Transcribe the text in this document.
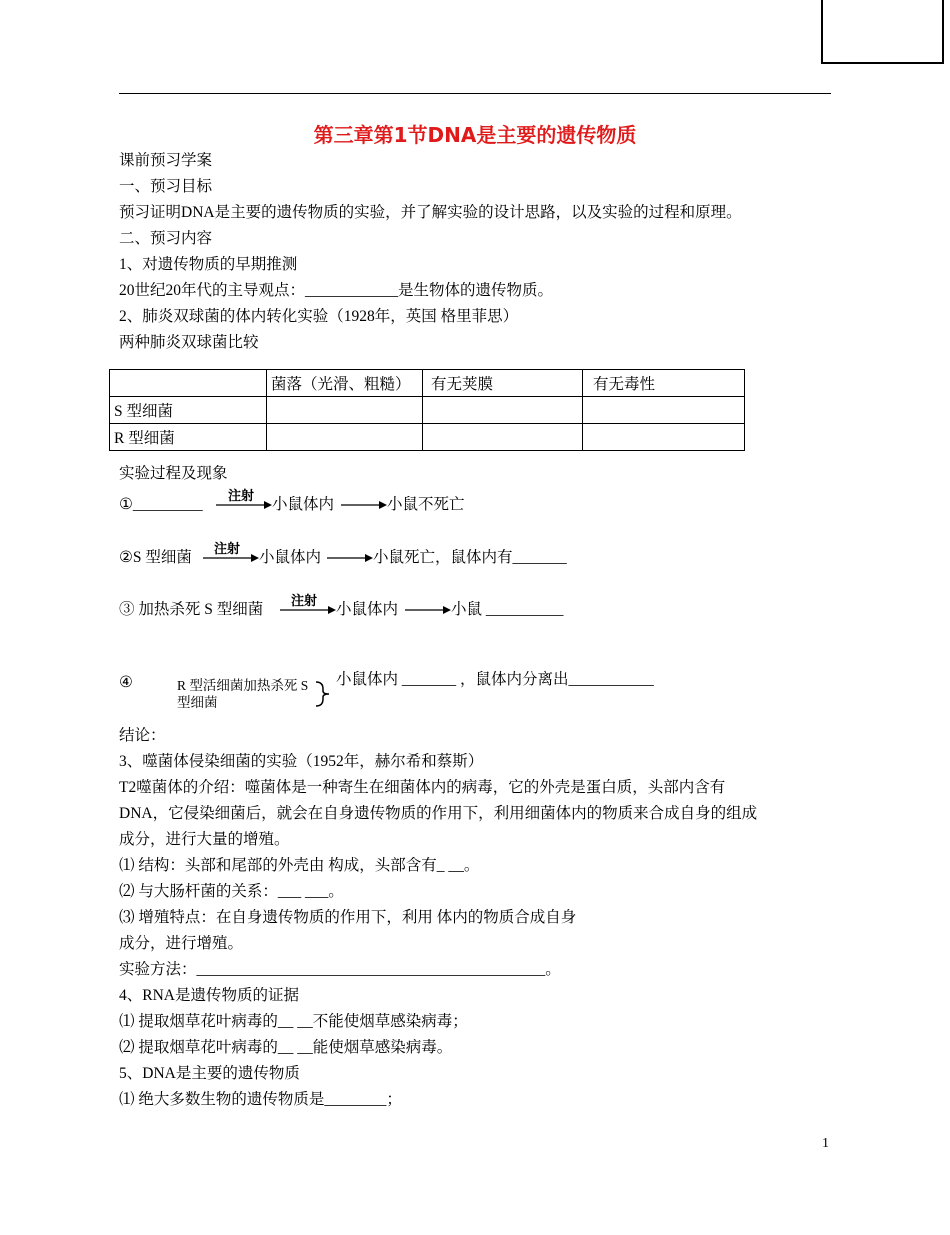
第三章第1节DNA是主要的遗传物质
课前预习学案
一、预习目标
预习证明DNA是主要的遗传物质的实验，并了解实验的设计思路，以及实验的过程和原理。
二、预习内容
1、对遗传物质的早期推测
20世纪20年代的主导观点：____________是生物体的遗传物质。
2、肺炎双球菌的体内转化实验（1928年，英国 格里菲思）
两种肺炎双球菌比较
	菌落（光滑、粗糙）	有无荚膜	有无毒性
S 型细菌			
R 型细菌			
实验过程及现象
①_________ 注射 小鼠体内	小鼠不死亡
②S 型细菌 注射 小鼠体内	小鼠死亡，鼠体内有_______
③ 加热杀死 S 型细菌 注射 小鼠体内	小鼠 __________
④	R 型活细菌加热杀死 S
型细菌
小鼠体内 _______ ，鼠体内分离出___________
结论：
3、噬菌体侵染细菌的实验（1952年，赫尔希和蔡斯）
T2噬菌体的介绍：噬菌体是一种寄生在细菌体内的病毒，它的外壳是蛋白质，头部内含有
DNA，它侵染细菌后，就会在自身遗传物质的作用下，利用细菌体内的物质来合成自身的组成
成分，进行大量的增殖。
⑴ 结构：头部和尾部的外壳由 构成，头部含有_ __。
⑵ 与大肠杆菌的关系：___ ___。
⑶ 增殖特点：在自身遗传物质的作用下，利用 体内的物质合成自身
成分，进行增殖。
实验方法：_____________________________________________。
4、RNA是遗传物质的证据
⑴ 提取烟草花叶病毒的__ __不能使烟草感染病毒；
⑵ 提取烟草花叶病毒的__ __能使烟草感染病毒。
5、DNA是主要的遗传物质
⑴ 绝大多数生物的遗传物质是________；
1
